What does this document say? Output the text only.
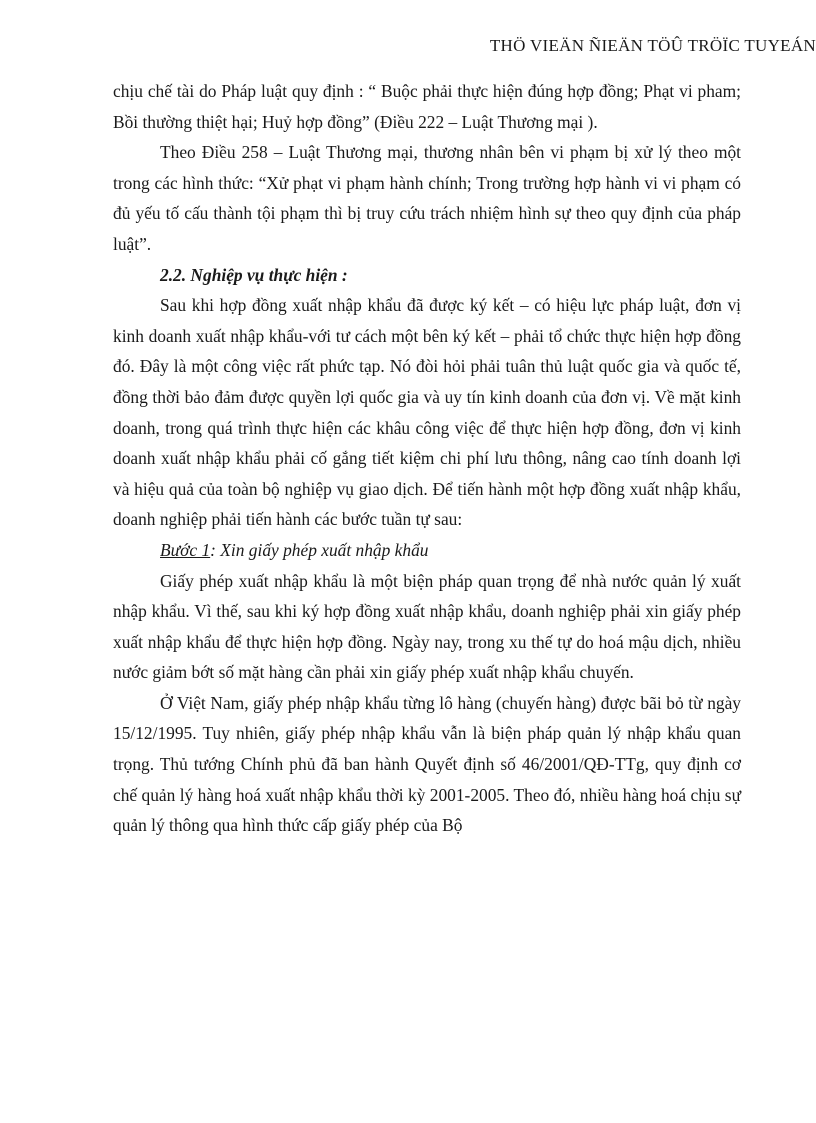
THÖ VIEÄN ÑIEÄN TÖÛ TRÖÏC TUYEÁN

chịu chế tài do Pháp luật quy định : “ Buộc phải thực hiện đúng hợp đồng; Phạt vi pham; Bồi thường thiệt hại; Huỷ hợp đồng” (Điều 222 – Luật Thương mại ).

Theo Điều 258 – Luật Thương mại, thương nhân bên vi phạm bị xử lý theo một trong các hình thức: “Xử phạt vi phạm hành chính; Trong trường hợp hành vi vi phạm có đủ yếu tố cấu thành tội phạm thì bị truy cứu trách nhiệm hình sự theo quy định của pháp luật”.

2.2. Nghiệp vụ thực hiện :

Sau khi hợp đồng xuất nhập khẩu đã được ký kết – có hiệu lực pháp luật, đơn vị kinh doanh xuất nhập khẩu-với tư cách một bên ký kết – phải tổ chức thực hiện hợp đồng đó. Đây là một công việc rất phức tạp. Nó đòi hỏi phải tuân thủ luật quốc gia và quốc tế, đồng thời bảo đảm được quyền lợi quốc gia và uy tín kinh doanh của đơn vị. Về mặt kinh doanh, trong quá trình thực hiện các khâu công việc để thực hiện hợp đồng, đơn vị kinh doanh xuất nhập khẩu phải cố gắng tiết kiệm chi phí lưu thông, nâng cao tính doanh lợi và hiệu quả của toàn bộ nghiệp vụ giao dịch. Để tiến hành một hợp đồng xuất nhập khẩu, doanh nghiệp phải tiến hành các bước tuần tự sau:

Bước 1: Xin giấy phép xuất nhập khẩu

Giấy phép xuất nhập khẩu là một biện pháp quan trọng để nhà nước quản lý xuất nhập khẩu. Vì thế, sau khi ký hợp đồng xuất nhập khẩu, doanh nghiệp phải xin giấy phép xuất nhập khẩu để thực hiện hợp đồng. Ngày nay, trong xu thế tự do hoá mậu dịch, nhiều nước giảm bớt số mặt hàng cần phải xin giấy phép xuất nhập khẩu chuyến.

Ở Việt Nam, giấy phép nhập khẩu từng lô hàng (chuyến hàng) được bãi bỏ từ ngày 15/12/1995. Tuy nhiên, giấy phép nhập khẩu vẫn là biện pháp quản lý nhập khẩu quan trọng. Thủ tướng Chính phủ đã ban hành Quyết định số 46/2001/QĐ-TTg, quy định cơ chế quản lý hàng hoá xuất nhập khẩu thời kỳ 2001-2005. Theo đó, nhiều hàng hoá chịu sự quản lý thông qua hình thức cấp giấy phép của Bộ
